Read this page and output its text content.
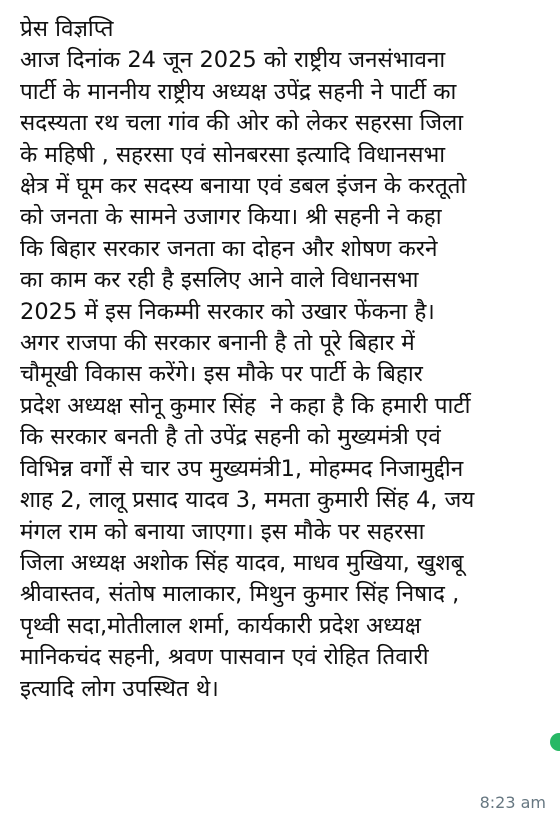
प्रेस विज्ञप्ति
आज दिनांक 24 जून 2025 को राष्ट्रीय जनसंभावना
पार्टी के माननीय राष्ट्रीय अध्यक्ष उपेंद्र सहनी ने पार्टी का
सदस्यता रथ चला गांव की ओर को लेकर सहरसा जिला
के महिषी , सहरसा एवं सोनबरसा इत्यादि विधानसभा
क्षेत्र में घूम कर सदस्य बनाया एवं डबल इंजन के करतूतो
को जनता के सामने उजागर किया। श्री सहनी ने कहा
कि बिहार सरकार जनता का दोहन और शोषण करने
का काम कर रही है इसलिए आने वाले विधानसभा
2025 में इस निकम्मी सरकार को उखार फेंकना है।
अगर राजपा की सरकार बनानी है तो पूरे बिहार में
चौमूखी विकास करेंगे। इस मौके पर पार्टी के बिहार
प्रदेश अध्यक्ष सोनू कुमार सिंह  ने कहा है कि हमारी पार्टी
कि सरकार बनती है तो उपेंद्र सहनी को मुख्यमंत्री एवं
विभिन्न वर्गों से चार उप मुख्यमंत्री1, मोहम्मद निजामुद्दीन
शाह 2, लालू प्रसाद यादव 3, ममता कुमारी सिंह 4, जय
मंगल राम को बनाया जाएगा। इस मौके पर सहरसा
जिला अध्यक्ष अशोक सिंह यादव, माधव मुखिया, खुशबू
श्रीवास्तव, संतोष मालाकार, मिथुन कुमार सिंह निषाद ,
पृथ्वी सदा,मोतीलाल शर्मा, कार्यकारी प्रदेश अध्यक्ष
मानिकचंद सहनी, श्रवण पासवान एवं रोहित तिवारी
इत्यादि लोग उपस्थित थे।

8:23 am
